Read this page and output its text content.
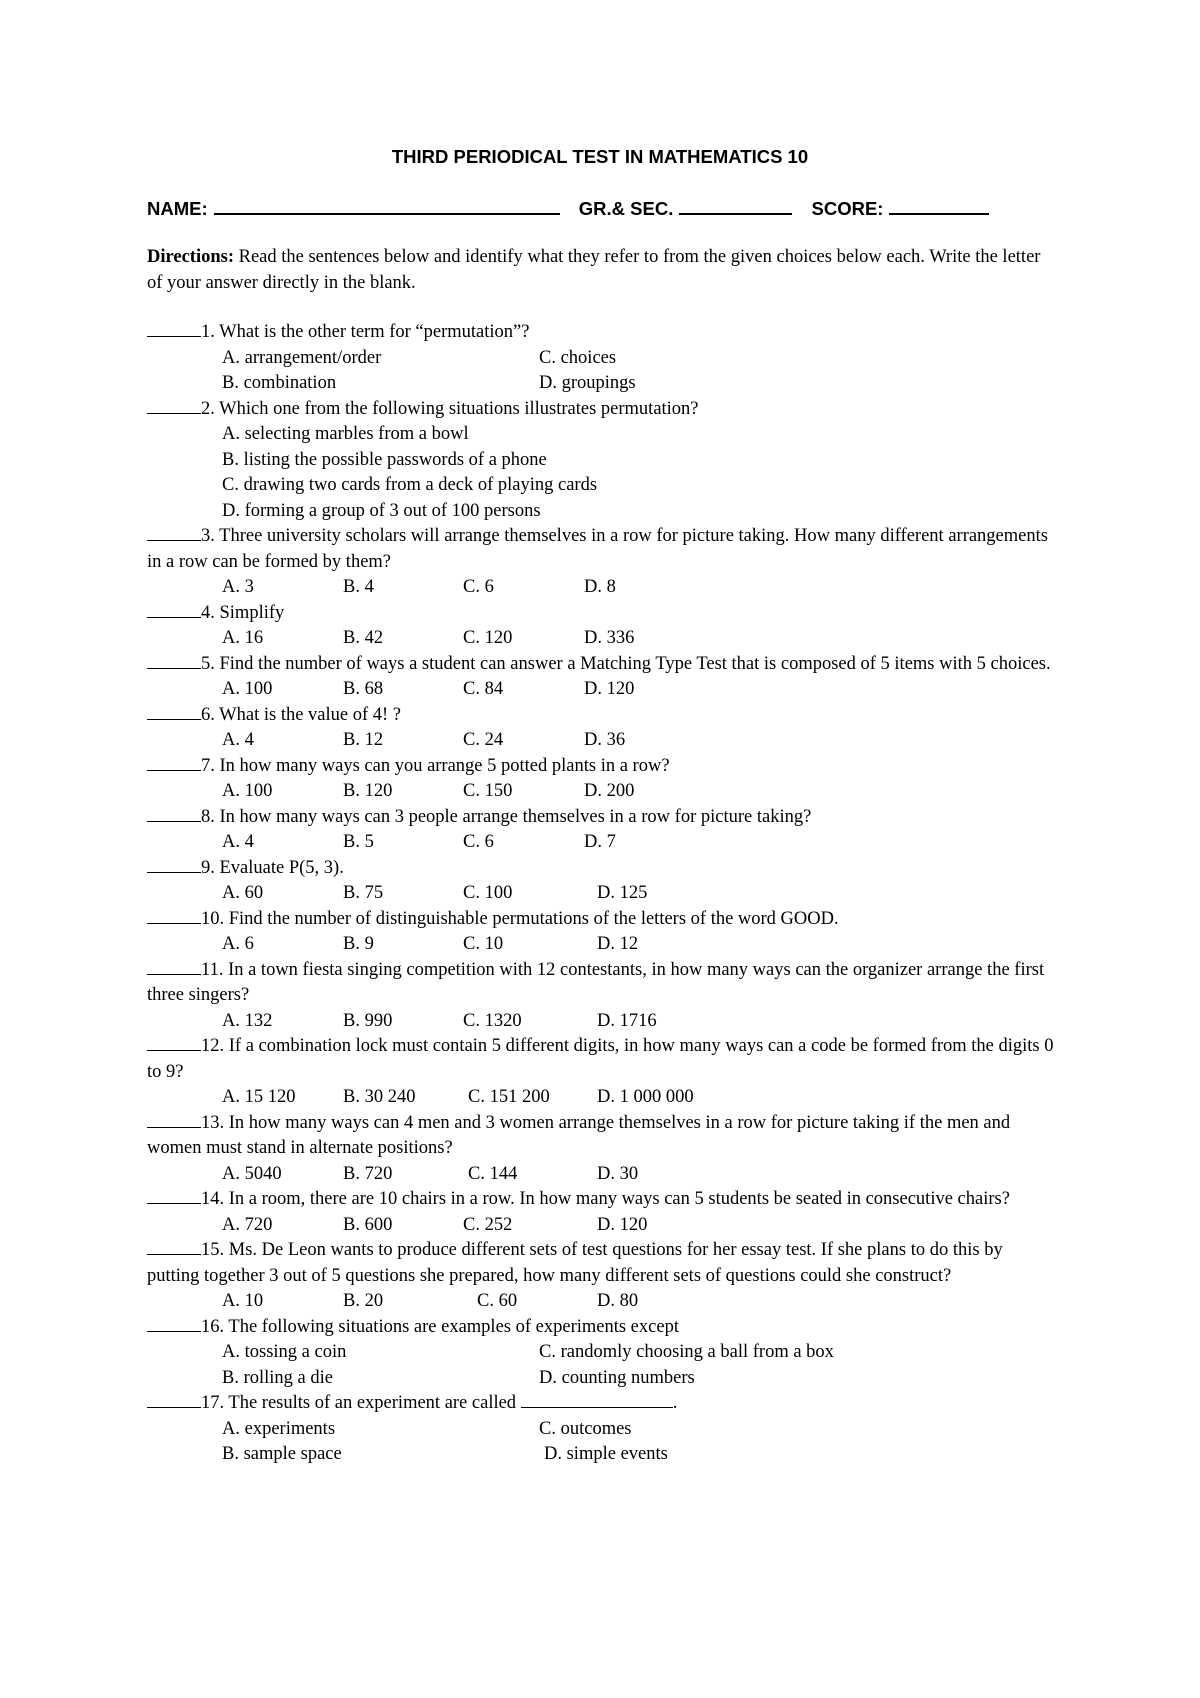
THIRD PERIODICAL TEST IN MATHEMATICS 10
NAME:	GR.& SEC.	SCORE:
Directions: Read the sentences below and identify what they refer to from the given choices below each. Write the letter of your answer directly in the blank.
1. What is the other term for “permutation”?
A. arrangement/order
B. combination
C. choices
D. groupings
2. Which one from the following situations illustrates permutation?
A. selecting marbles from a bowl
B. listing the possible passwords of a phone
C. drawing two cards from a deck of playing cards
D. forming a group of 3 out of 100 persons
3. Three university scholars will arrange themselves in a row for picture taking. How many different arrangements in a row can be formed by them?
A. 3	B. 4	C. 6	D. 8
4. Simplify
A. 16	B. 42	C. 120	D. 336
5. Find the number of ways a student can answer a Matching Type Test that is composed of 5 items with 5 choices.
A. 100	B. 68	C. 84	D. 120
6. What is the value of 4! ?
A. 4	B. 12	C. 24	D. 36
7. In how many ways can you arrange 5 potted plants in a row?
A. 100	B. 120	C. 150	D. 200
8. In how many ways can 3 people arrange themselves in a row for picture taking?
A. 4	B. 5	C. 6	D. 7
9. Evaluate P(5, 3).
A. 60	B. 75	C. 100	D. 125
10. Find the number of distinguishable permutations of the letters of the word GOOD.
A. 6	B. 9	C. 10	D. 12
11. In a town fiesta singing competition with 12 contestants, in how many ways can the organizer arrange the first three singers?
A. 132	B. 990	C. 1320	D. 1716
12. If a combination lock must contain 5 different digits, in how many ways can a code be formed from the digits 0 to 9?
A. 15 120	B. 30 240	C. 151 200	D. 1 000 000
13. In how many ways can 4 men and 3 women arrange themselves in a row for picture taking if the men and women must stand in alternate positions?
A. 5040	B. 720	C. 144	D. 30
14. In a room, there are 10 chairs in a row. In how many ways can 5 students be seated in consecutive chairs?
A. 720	B. 600	C. 252	D. 120
15. Ms. De Leon wants to produce different sets of test questions for her essay test. If she plans to do this by putting together 3 out of 5 questions she prepared, how many different sets of questions could she construct?
A. 10	B. 20	C. 60	D. 80
16. The following situations are examples of experiments except
A. tossing a coin
B. rolling a die
C. randomly choosing a ball from a box
D. counting numbers
17. The results of an experiment are called	.
A. experiments
B. sample space
C. outcomes
D. simple events
